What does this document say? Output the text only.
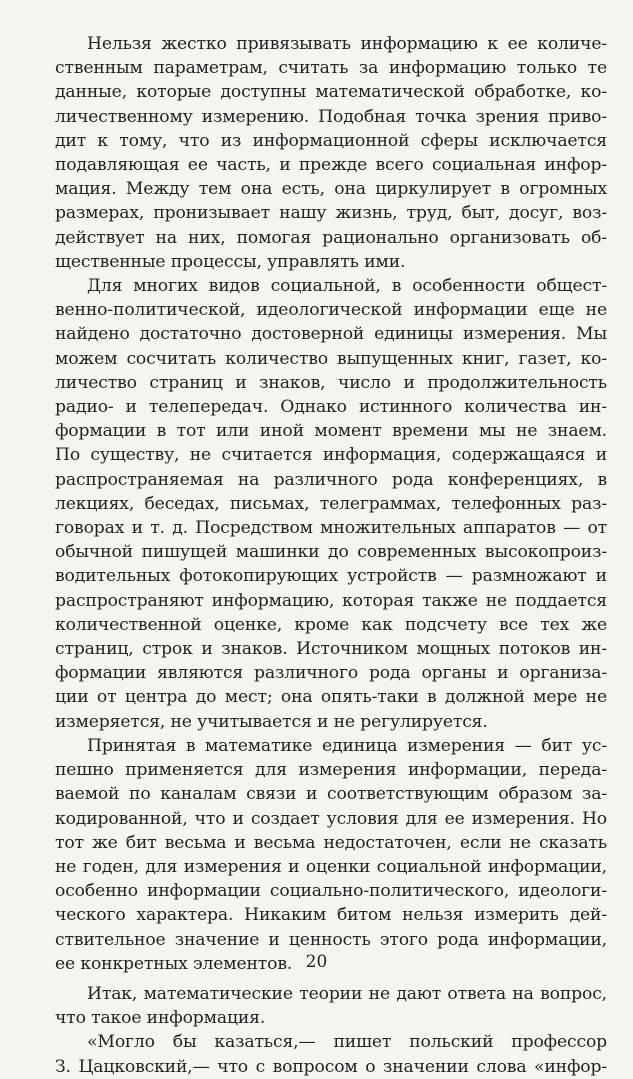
Нельзя жестко привязывать информацию к ее количе-
ственным параметрам, считать за информацию только те
данные, которые доступны математической обработке, ко-
личественному измерению. Подобная точка зрения приво-
дит к тому, что из информационной сферы исключается
подавляющая ее часть, и прежде всего социальная инфор-
мация. Между тем она есть, она циркулирует в огромных
размерах, пронизывает нашу жизнь, труд, быт, досуг, воз-
действует на них, помогая рационально организовать об-
щественные процессы, управлять ими.
Для многих видов социальной, в особенности общест-
венно-политической, идеологической информации еще не
найдено достаточно достоверной единицы измерения. Мы
можем сосчитать количество выпущенных книг, газет, ко-
личество страниц и знаков, число и продолжительность
радио- и телепередач. Однако истинного количества ин-
формации в тот или иной момент времени мы не знаем.
По существу, не считается информация, содержащаяся и
распространяемая на различного рода конференциях, в
лекциях, беседах, письмах, телеграммах, телефонных раз-
говорах и т. д. Посредством множительных аппаратов — от
обычной пишущей машинки до современных высокопроиз-
водительных фотокопирующих устройств — размножают и
распространяют информацию, которая также не поддается
количественной оценке, кроме как подсчету все тех же
страниц, строк и знаков. Источником мощных потоков ин-
формации являются различного рода органы и организа-
ции от центра до мест; она опять-таки в должной мере не
измеряется, не учитывается и не регулируется.
Принятая в математике единица измерения — бит ус-
пешно применяется для измерения информации, переда-
ваемой по каналам связи и соответствующим образом за-
кодированной, что и создает условия для ее измерения. Но
тот же бит весьма и весьма недостаточен, если не сказать
не годен, для измерения и оценки социальной информации,
особенно информации социально-политического, идеологи-
ческого характера. Никаким битом нельзя измерить дей-
ствительное значение и ценность этого рода информации,
ее конкретных элементов.
Итак, математические теории не дают ответа на вопрос,
что такое информация.
«Могло бы казаться,— пишет польский профессор
З. Цацковский,— что с вопросом о значении слова «инфор-
20
